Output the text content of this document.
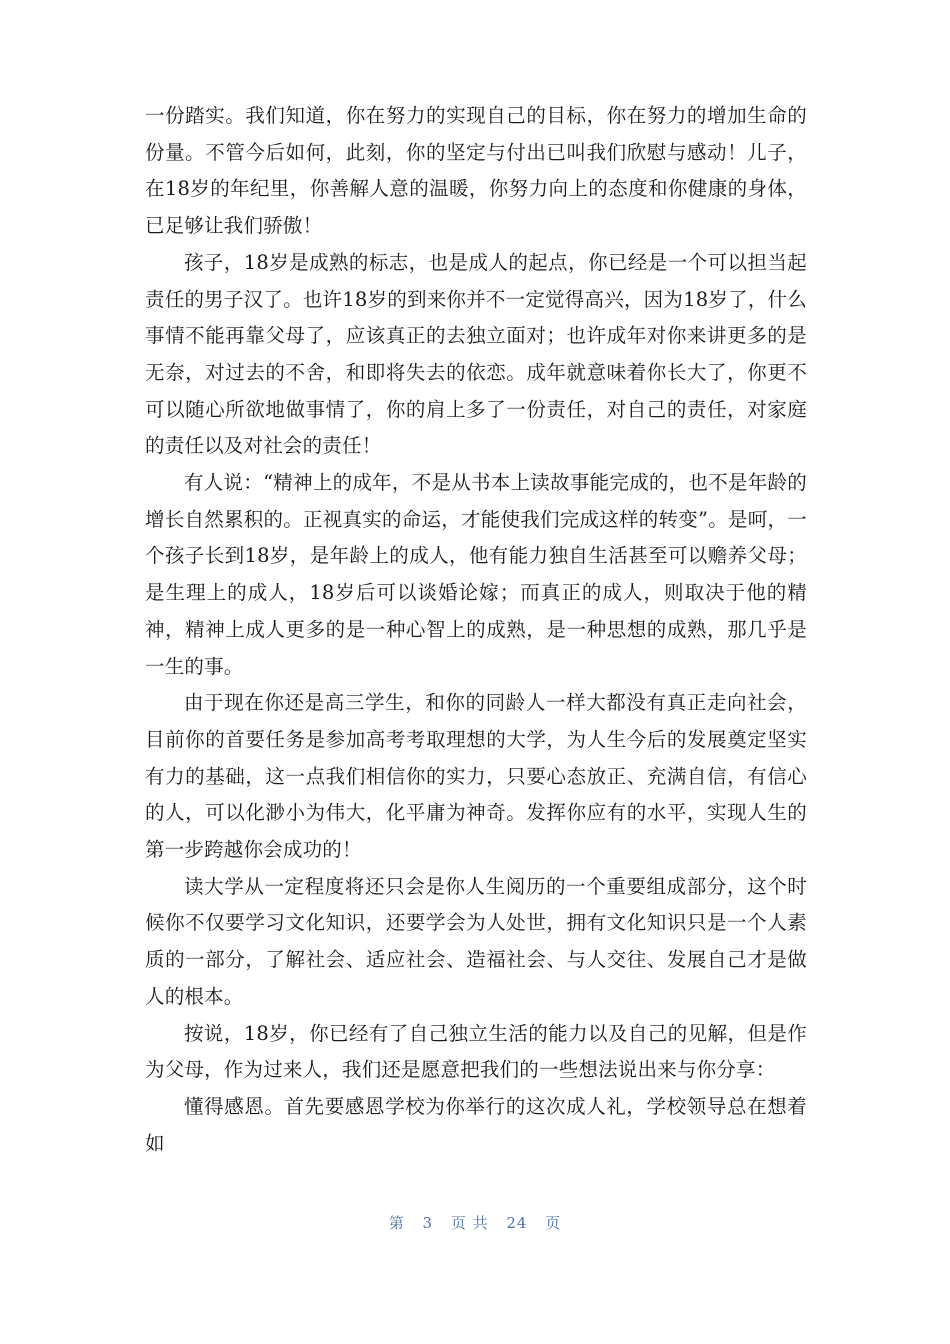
一份踏实。我们知道，你在努力的实现自己的目标，你在努力的增加生命的份量。不管今后如何，此刻，你的坚定与付出已叫我们欣慰与感动！儿子，在18岁的年纪里，你善解人意的温暖，你努力向上的态度和你健康的身体，已足够让我们骄傲！

孩子，18岁是成熟的标志，也是成人的起点，你已经是一个可以担当起责任的男子汉了。也许18岁的到来你并不一定觉得高兴，因为18岁了，什么事情不能再靠父母了，应该真正的去独立面对；也许成年对你来讲更多的是无奈，对过去的不舍，和即将失去的依恋。成年就意味着你长大了，你更不可以随心所欲地做事情了，你的肩上多了一份责任，对自己的责任，对家庭的责任以及对社会的责任！

有人说：“精神上的成年，不是从书本上读故事能完成的，也不是年龄的增长自然累积的。正视真实的命运，才能使我们完成这样的转变”。是呵，一个孩子长到18岁，是年龄上的成人，他有能力独自生活甚至可以赡养父母；是生理上的成人，18岁后可以谈婚论嫁；而真正的成人，则取决于他的精神，精神上成人更多的是一种心智上的成熟，是一种思想的成熟，那几乎是一生的事。

由于现在你还是高三学生，和你的同龄人一样大都没有真正走向社会，目前你的首要任务是参加高考考取理想的大学，为人生今后的发展奠定坚实有力的基础，这一点我们相信你的实力，只要心态放正、充满自信，有信心的人，可以化渺小为伟大，化平庸为神奇。发挥你应有的水平，实现人生的第一步跨越你会成功的！

读大学从一定程度将还只会是你人生阅历的一个重要组成部分，这个时候你不仅要学习文化知识，还要学会为人处世，拥有文化知识只是一个人素质的一部分，了解社会、适应社会、造福社会、与人交往、发展自己才是做人的根本。

按说，18岁，你已经有了自己独立生活的能力以及自己的见解，但是作为父母，作为过来人，我们还是愿意把我们的一些想法说出来与你分享：

懂得感恩。首先要感恩学校为你举行的这次成人礼，学校领导总在想着如

第 3 页 共 24 页
